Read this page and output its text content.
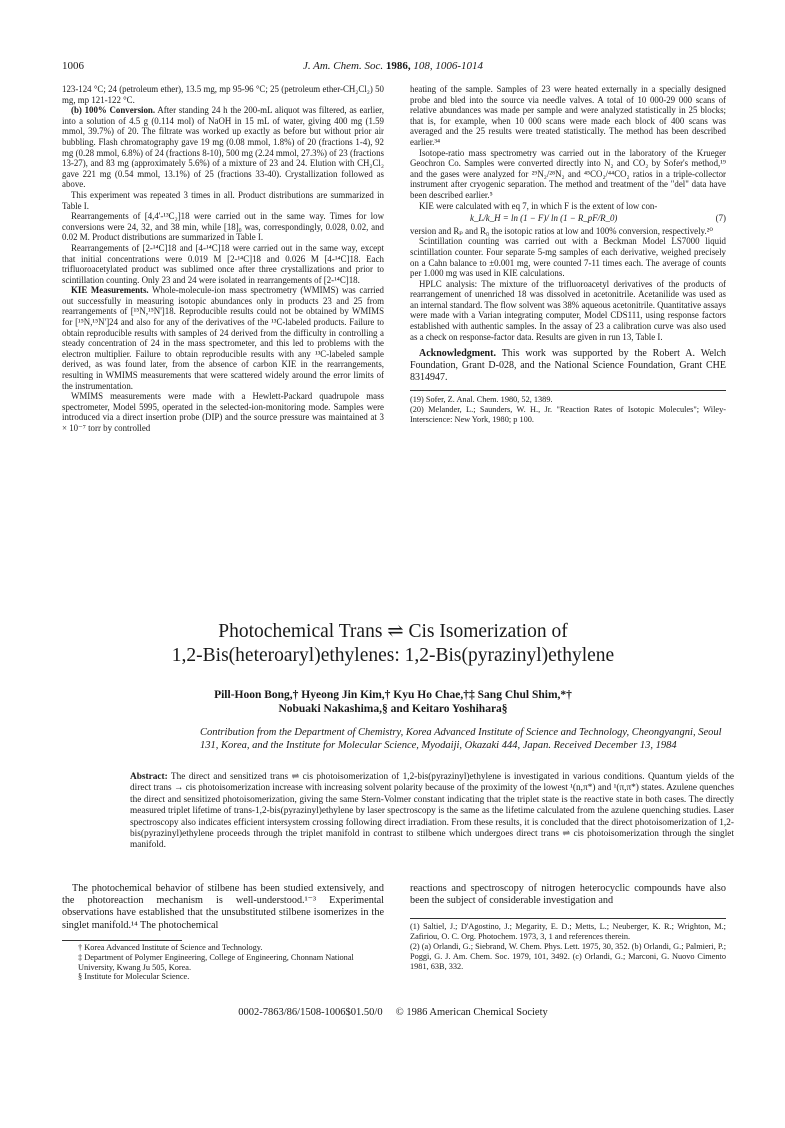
1006	J. Am. Chem. Soc. 1986, 108, 1006-1014

123-124 °C; 24 (petroleum ether), 13.5 mg, mp 95-96 °C; 25 (petroleum ether-CH₂Cl₂) 50 mg, mp 121-122 °C.

(b) 100% Conversion. After standing 24 h the 200-mL aliquot was filtered, as earlier, into a solution of 4.5 g (0.114 mol) of NaOH in 15 mL of water, giving 400 mg (1.59 mmol, 39.7%) of 20. The filtrate was worked up exactly as before but without prior air bubbling. Flash chromatography gave 19 mg (0.08 mmol, 1.8%) of 20 (fractions 1-4), 92 mg (0.28 mmol, 6.8%) of 24 (fractions 8-10), 500 mg (2.24 mmol, 27.3%) of 23 (fractions 13-27), and 83 mg (approximately 5.6%) of a mixture of 23 and 24. Elution with CH₂Cl₂ gave 221 mg (0.54 mmol, 13.1%) of 25 (fractions 33-40). Crystallization followed as above.

This experiment was repeated 3 times in all. Product distributions are summarized in Table I.

Rearrangements of [4,4'-¹³C₂]18 were carried out in the same way. Times for low conversions were 24, 32, and 38 min, while [18]₀ was, correspondingly, 0.028, 0.02, and 0.02 M. Product distributions are summarized in Table I.

Rearrangements of [2-¹⁴C]18 and [4-¹⁴C]18 were carried out in the same way, except that initial concentrations were 0.019 M [2-¹⁴C]18 and 0.026 M [4-¹⁴C]18. Each trifluoroacetylated product was sublimed once after three crystallizations and prior to scintillation counting. Only 23 and 24 were isolated in rearrangements of [2-¹⁴C]18.

KIE Measurements. Whole-molecule-ion mass spectrometry (WMIMS) was carried out successfully in measuring isotopic abundances only in products 23 and 25 from rearrangements of [¹⁵N,¹⁵N']18. Reproducible results could not be obtained by WMIMS for [¹⁵N,¹⁵N']24 and also for any of the derivatives of the ¹³C-labeled products. Failure to obtain reproducible results with samples of 24 derived from the difficulty in controlling a steady concentration of 24 in the mass spectrometer, and this led to problems with the electron multiplier. Failure to obtain reproducible results with any ¹³C-labeled sample derived, as was found later, from the absence of carbon KIE in the rearrangements, resulting in WMIMS measurements that were scattered widely around the error limits of the instrumentation.

WMIMS measurements were made with a Hewlett-Packard quadrupole mass spectrometer, Model 5995, operated in the selected-ion-monitoring mode. Samples were introduced via a direct insertion probe (DIP) and the source pressure was maintained at 3 × 10⁻⁷ torr by controlled

heating of the sample. Samples of 23 were heated externally in a specially designed probe and bled into the source via needle valves. A total of 10 000-29 000 scans of relative abundances was made per sample and were analyzed statistically in 25 blocks; that is, for example, when 10 000 scans were made each block of 400 scans was averaged and the 25 results were treated statistically. The method has been described earlier.³⁴

Isotope-ratio mass spectrometry was carried out in the laboratory of the Krueger Geochron Co. Samples were converted directly into N₂ and CO₂ by Sofer's method,¹⁹ and the gases were analyzed for ²⁹N₂/²⁸N₂ and ⁴⁵CO₂/⁴⁴CO₂ ratios in a triple-collector instrument after cryogenic separation. The method and treatment of the "del" data have been described earlier.⁵

KIE were calculated with eq 7, in which F is the extent of low con-

k_L/k_H = ln (1 − F)/ ln (1 − R_pF/R_0)	(7)

version and Rₚ and R₀ the isotopic ratios at low and 100% conversion, respectively.²⁰

Scintillation counting was carried out with a Beckman Model LS7000 liquid scintillation counter. Four separate 5-mg samples of each derivative, weighed precisely on a Cahn balance to ±0.001 mg, were counted 7-11 times each. The average of counts per 1.000 mg was used in KIE calculations.

HPLC analysis: The mixture of the trifluoroacetyl derivatives of the products of rearrangement of unenriched 18 was dissolved in acetonitrile. Acetanilide was used as an internal standard. The flow solvent was 38% aqueous acetonitrile. Quantitative assays were made with a Varian integrating computer, Model CDS111, using response factors established with authentic samples. In the assay of 23 a calibration curve was also used as a check on response-factor data. Results are given in run 13, Table I.

Acknowledgment. This work was supported by the Robert A. Welch Foundation, Grant D-028, and the National Science Foundation, Grant CHE 8314947.

(19) Sofer, Z. Anal. Chem. 1980, 52, 1389.

(20) Melander, L.; Saunders, W. H., Jr. "Reaction Rates of Isotopic Molecules"; Wiley-Interscience: New York, 1980; p 100.

Photochemical Trans ⇌ Cis Isomerization of
1,2-Bis(heteroaryl)ethylenes: 1,2-Bis(pyrazinyl)ethylene
Pill-Hoon Bong,† Hyeong Jin Kim,† Kyu Ho Chae,†‡ Sang Chul Shim,*†
Nobuaki Nakashima,§ and Keitaro Yoshihara§
Contribution from the Department of Chemistry, Korea Advanced Institute of Science and Technology, Cheongyangni, Seoul 131, Korea, and the Institute for Molecular Science, Myodaiji, Okazaki 444, Japan. Received December 13, 1984
Abstract: The direct and sensitized trans ⇌ cis photoisomerization of 1,2-bis(pyrazinyl)ethylene is investigated in various conditions. Quantum yields of the direct trans → cis photoisomerization increase with increasing solvent polarity because of the proximity of the lowest ¹(n,π*) and ¹(π,π*) states. Azulene quenches the direct and sensitized photoisomerization, giving the same Stern-Volmer constant indicating that the triplet state is the reactive state in both cases. The directly measured triplet lifetime of trans-1,2-bis(pyrazinyl)ethylene by laser spectroscopy is the same as the lifetime calculated from the azulene quenching studies. Laser spectroscopy also indicates efficient intersystem crossing following direct irradiation. From these results, it is concluded that the direct photoisomerization of 1,2-bis(pyrazinyl)ethylene proceeds through the triplet manifold in contrast to stilbene which undergoes direct trans ⇌ cis photoisomerization through the singlet manifold.

The photochemical behavior of stilbene has been studied extensively, and the photoreaction mechanism is well-understood.¹⁻³ Experimental observations have established that the unsubstituted stilbene isomerizes in the singlet manifold.¹⁴ The photochemical

† Korea Advanced Institute of Science and Technology.

‡ Department of Polymer Engineering, College of Engineering, Chonnam National University, Kwang Ju 505, Korea.

§ Institute for Molecular Science.

reactions and spectroscopy of nitrogen heterocyclic compounds have also been the subject of considerable investigation and

(1) Saltiel, J.; D'Agostino, J.; Megarity, E. D.; Metts, L.; Neuberger, K. R.; Wrighton, M.; Zafiriou, O. C. Org. Photochem. 1973, 3, 1 and references therein.

(2) (a) Orlandi, G.; Siebrand, W. Chem. Phys. Lett. 1975, 30, 352. (b) Orlandi, G.; Palmieri, P.; Poggi, G. J. Am. Chem. Soc. 1979, 101, 3492. (c) Orlandi, G.; Marconi, G. Nuovo Cimento 1981, 63B, 332.

0002-7863/86/1508-1006$01.50/0 © 1986 American Chemical Society
